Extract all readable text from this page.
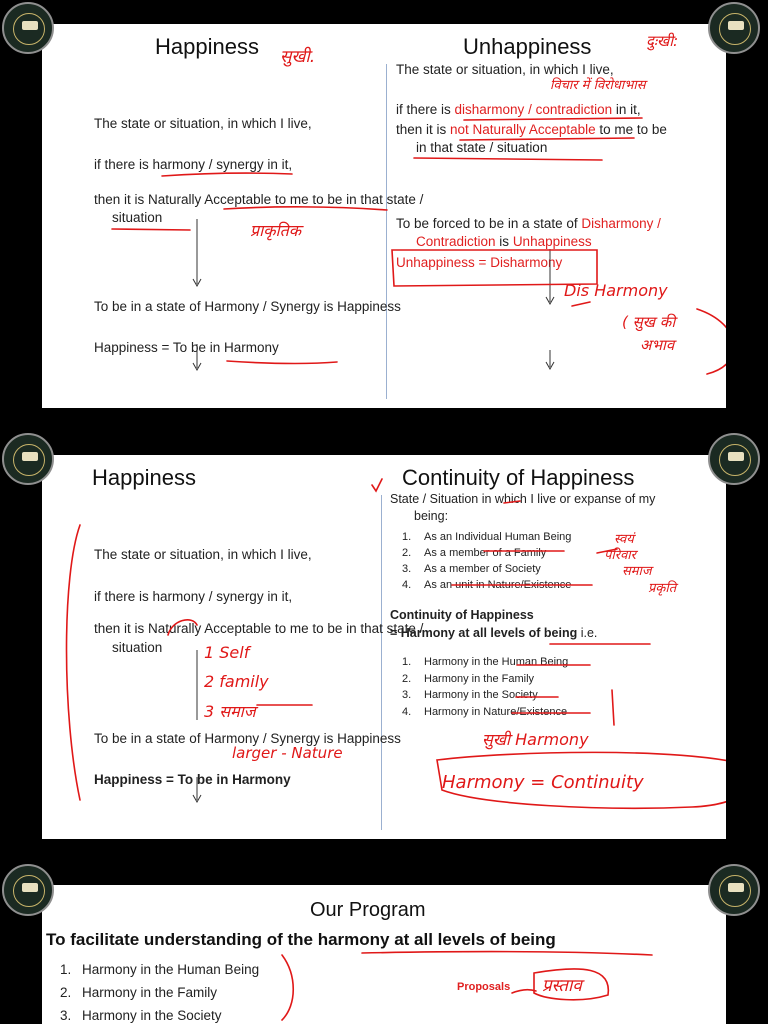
Happiness	Unhappiness
The state or situation, in which I live,
if there is harmony / synergy in it,
then it is Naturally Acceptable to me to be in that state /
situation
To be in a state of Harmony / Synergy is Happiness
Happiness = To be in Harmony
The state or situation, in which I live,
if there is disharmony / contradiction in it,
then it is not Naturally Acceptable to me to be
in that state / situation
To be forced to be in a state of Disharmony /
Contradiction is Unhappiness
Unhappiness = Disharmony
सुखी.
दुःखी:
विचार में विरोधाभास
प्राकृतिक
Dis Harmony
( सुख की
अभाव
Happiness	Continuity of Happiness
The state or situation, in which I live,
if there is harmony / synergy in it,
then it is Naturally Acceptable to me to be in that state /
situation
To be in a state of Harmony / Synergy is Happiness
Happiness = To be in Harmony
State / Situation in which I live or expanse of my
being:
1. As an Individual Human Being
2. As a member of a Family
3. As a member of Society
4. As an unit in Nature/Existence
Continuity of Happiness
= Harmony at all levels of being i.e.
1. Harmony in the Human Being
2. Harmony in the Family
3. Harmony in the Society
4. Harmony in Nature/Existence
1 Self
2 family
3 समाज
larger - Nature
स्वयं
परिवार
समाज
प्रकृति
सुखी Harmony
Harmony = Continuity
Our Program
To facilitate understanding of the harmony at all levels of being
1. Harmony in the Human Being
2. Harmony in the Family
3. Harmony in the Society
Proposals प्रस्ताव
